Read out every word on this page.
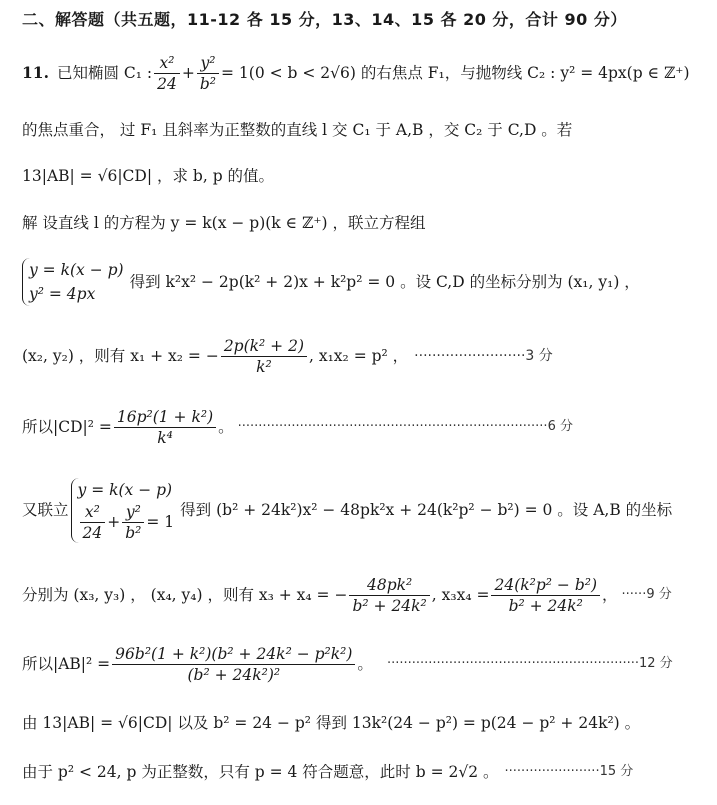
二、解答题（共五题，11-12 各 15 分，13、14、15 各 20 分，合计 90 分）
11. 已知椭圆 C₁ : $\frac{\text{x²}}{24} + \frac{\text{y²}}{\text{b²}} = 1(0 < b < 2√6)$ 的右焦点 F₁，与抛物线 C₂ : y² = 4px(p ∈ ℤ⁺)
的焦点重合， 过 F₁ 且斜率为正整数的直线 l 交 C₁ 于 A,B ，交 C₂ 于 C,D 。若
13|AB| = √6|CD| ，求 b, p 的值。
解 设直线 l 的方程为 y = k(x − p)(k ∈ ℤ⁺) ，联立方程组
y = k(x − p)
y² = 4px
得到 k²x² − 2p(k² + 2)x + k²p² = 0 。设 C,D 的坐标分别为 (x₁, y₁) ，
(x₂, y₂) ，则有 x₁ + x₂ = − $\frac{\text{2p(k² + 2)}}{\text{k²}}$ , x₁x₂ = p² ， ·························3 分
所以$|CD|^2 = \frac{\text{16p²(1 + k²)}}{\text{k⁴}}$ 。 ···········································································6 分
又联立
y = k(x − p)
$\frac{\text{x²}}{24} + \frac{\text{y²}}{\text{b²}} = 1$
得到 (b² + 24k²)x² − 48pk²x + 24(k²p² − b²) = 0 。设 A,B 的坐标
分别为 (x₃, y₃) ， (x₄, y₄) ，则有 x₃ + x₄ = − $\frac{\text{48pk²}}{\text{b² + 24k²}}$ , $x_3x_4 = \frac{\text{24(k²p² − b²)}}{\text{b² + 24k²}}$ ， ······9 分
所以$|AB|^2 = \frac{\text{96b²(1 + k²)(b² + 24k² − p²k²)}}{\text{(b² + 24k²)²}}$ 。 ·····························································12 分
由 13|AB| = √6|CD| 以及 b² = 24 − p² 得到 13k²(24 − p²) = p(24 − p² + 24k²) 。
由于 p² < 24, p 为正整数，只有 p = 4 符合题意，此时 b = 2√2 。 ·······················15 分
